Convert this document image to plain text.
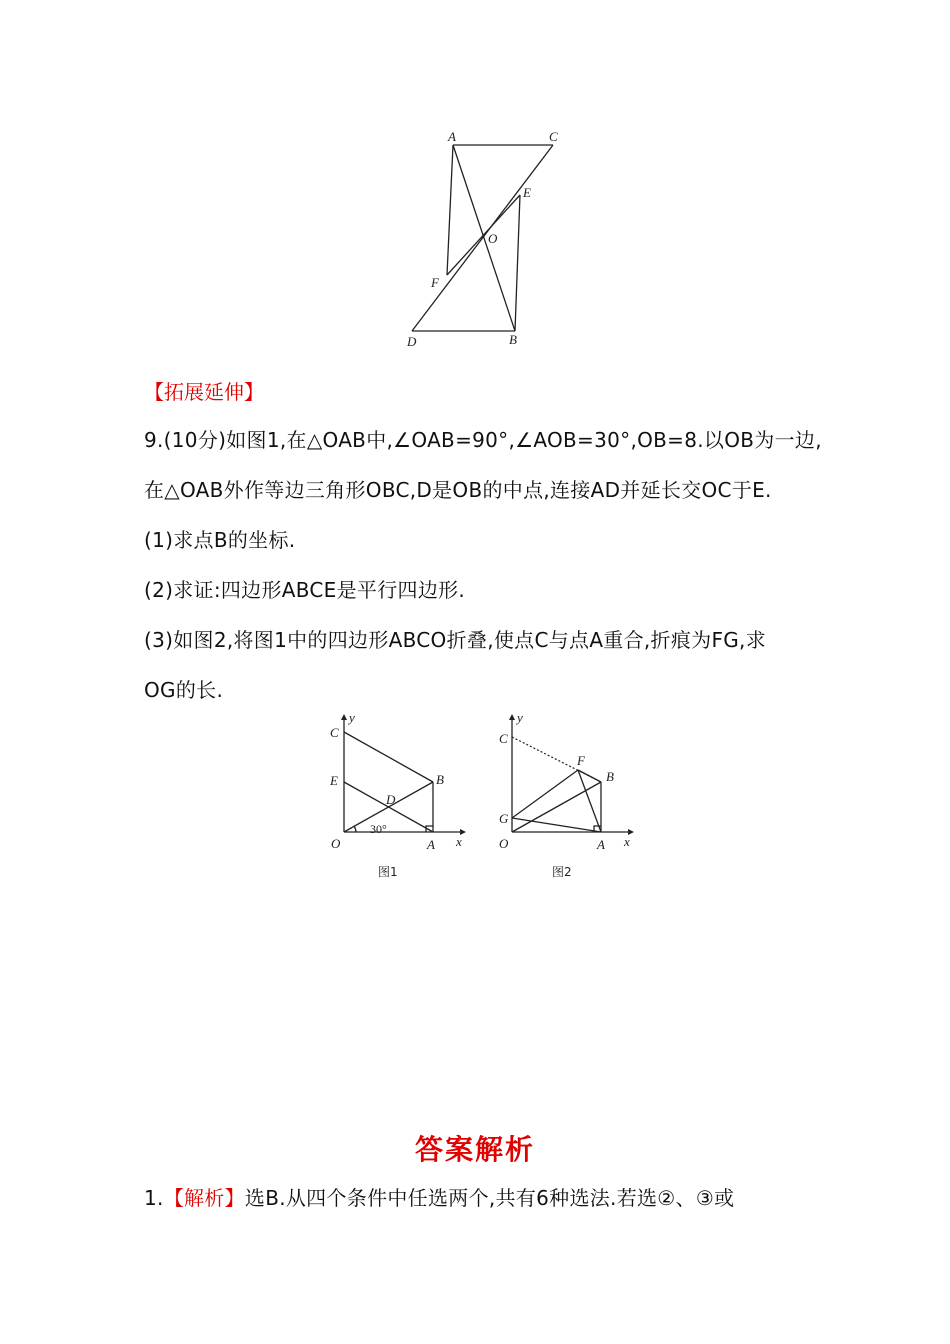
A	C
E
O
F
D	B
【拓展延伸】
9.(10分)如图1,在△OAB中,∠OAB=90°,∠AOB=30°,OB=8.以OB为一边,
在△OAB外作等边三角形OBC,D是OB的中点,连接AD并延长交OC于E.
(1)求点B的坐标.
(2)求证:四边形ABCE是平行四边形.
(3)如图2,将图1中的四边形ABCO折叠,使点C与点A重合,折痕为FG,求
OG的长.
y
C
E	B
D
30°
O	A x
图1
y
C
F
B
G
O	A x
图2
答案解析
1.【解析】选B.从四个条件中任选两个,共有6种选法.若选②、③或
